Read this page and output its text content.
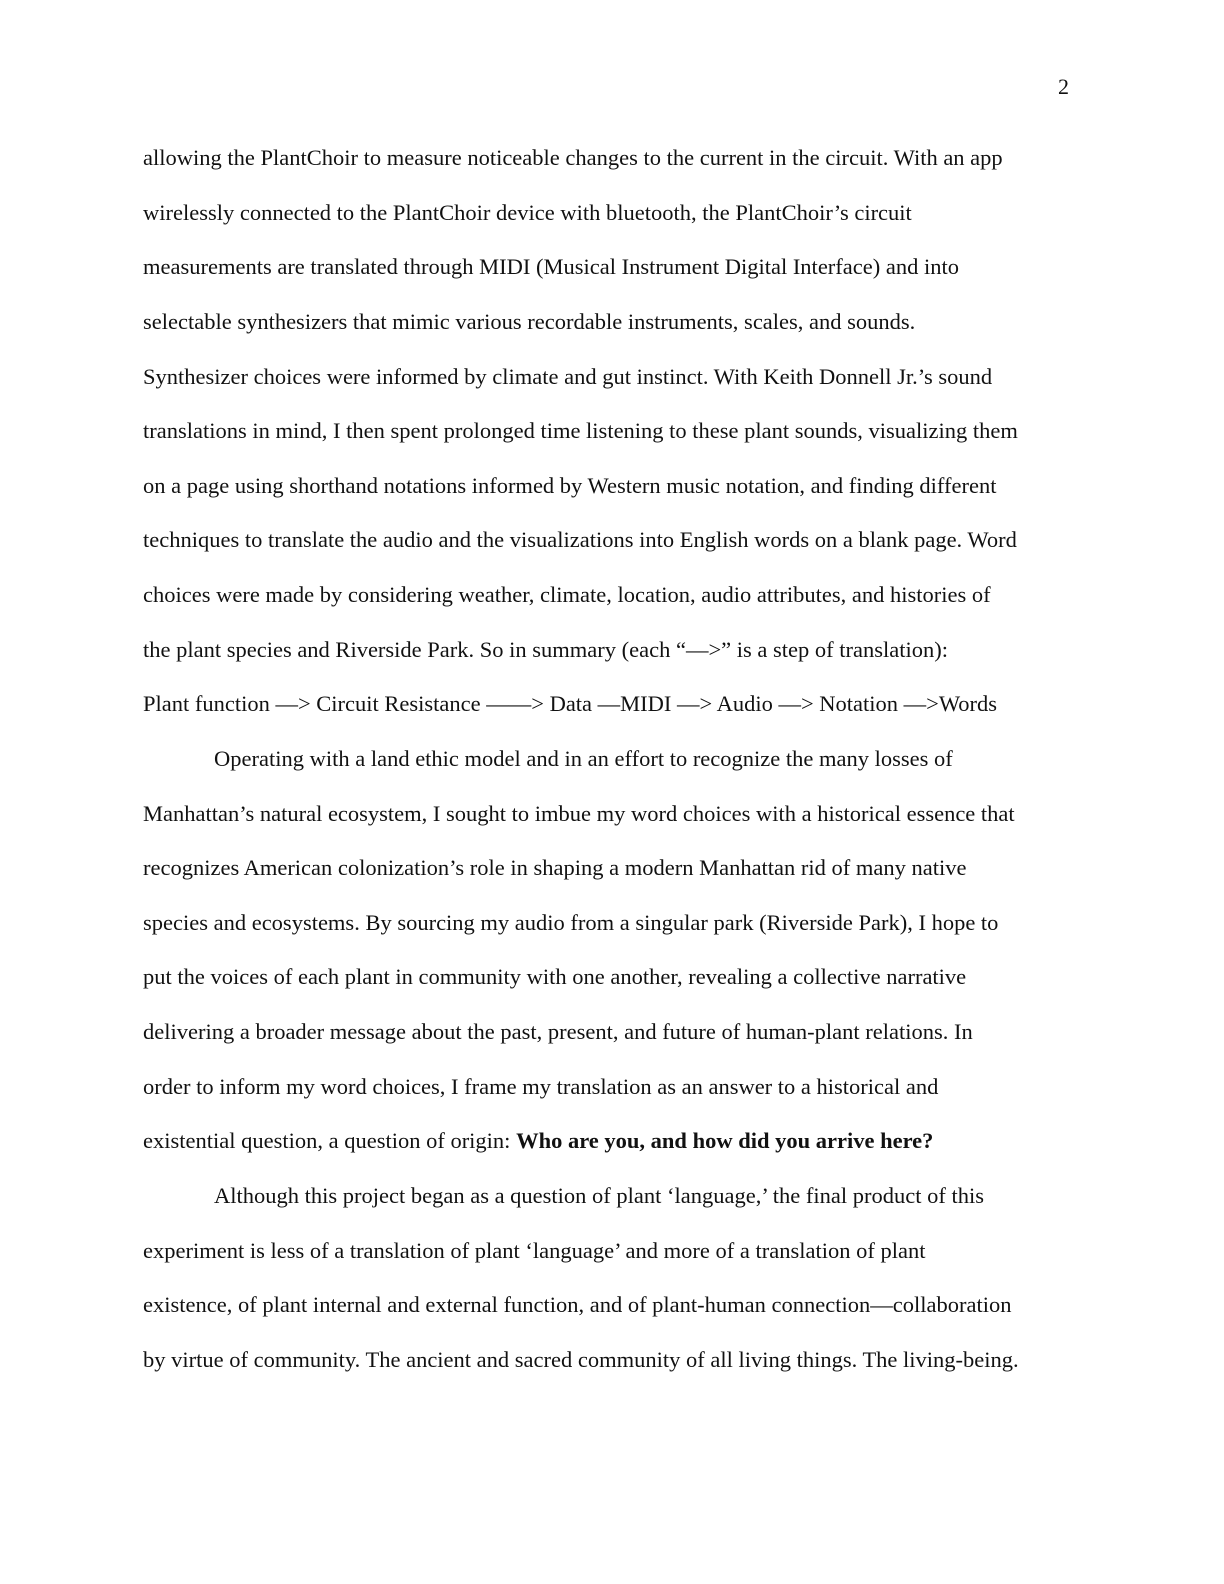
2
allowing the PlantChoir to measure noticeable changes to the current in the circuit. With an app
wirelessly connected to the PlantChoir device with bluetooth, the PlantChoir’s circuit
measurements are translated through MIDI (Musical Instrument Digital Interface) and into
selectable synthesizers that mimic various recordable instruments, scales, and sounds.
Synthesizer choices were informed by climate and gut instinct. With Keith Donnell Jr.’s sound
translations in mind, I then spent prolonged time listening to these plant sounds, visualizing them
on a page using shorthand notations informed by Western music notation, and finding different
techniques to translate the audio and the visualizations into English words on a blank page. Word
choices were made by considering weather, climate, location, audio attributes, and histories of
the plant species and Riverside Park. So in summary (each “—>” is a step of translation):
Plant function —> Circuit Resistance ——> Data —MIDI —> Audio —> Notation —>Words
Operating with a land ethic model and in an effort to recognize the many losses of
Manhattan’s natural ecosystem, I sought to imbue my word choices with a historical essence that
recognizes American colonization’s role in shaping a modern Manhattan rid of many native
species and ecosystems. By sourcing my audio from a singular park (Riverside Park), I hope to
put the voices of each plant in community with one another, revealing a collective narrative
delivering a broader message about the past, present, and future of human-plant relations. In
order to inform my word choices, I frame my translation as an answer to a historical and
existential question, a question of origin: Who are you, and how did you arrive here?
Although this project began as a question of plant ‘language,’ the final product of this
experiment is less of a translation of plant ‘language’ and more of a translation of plant
existence, of plant internal and external function, and of plant-human connection—collaboration
by virtue of community. The ancient and sacred community of all living things. The living-being.
